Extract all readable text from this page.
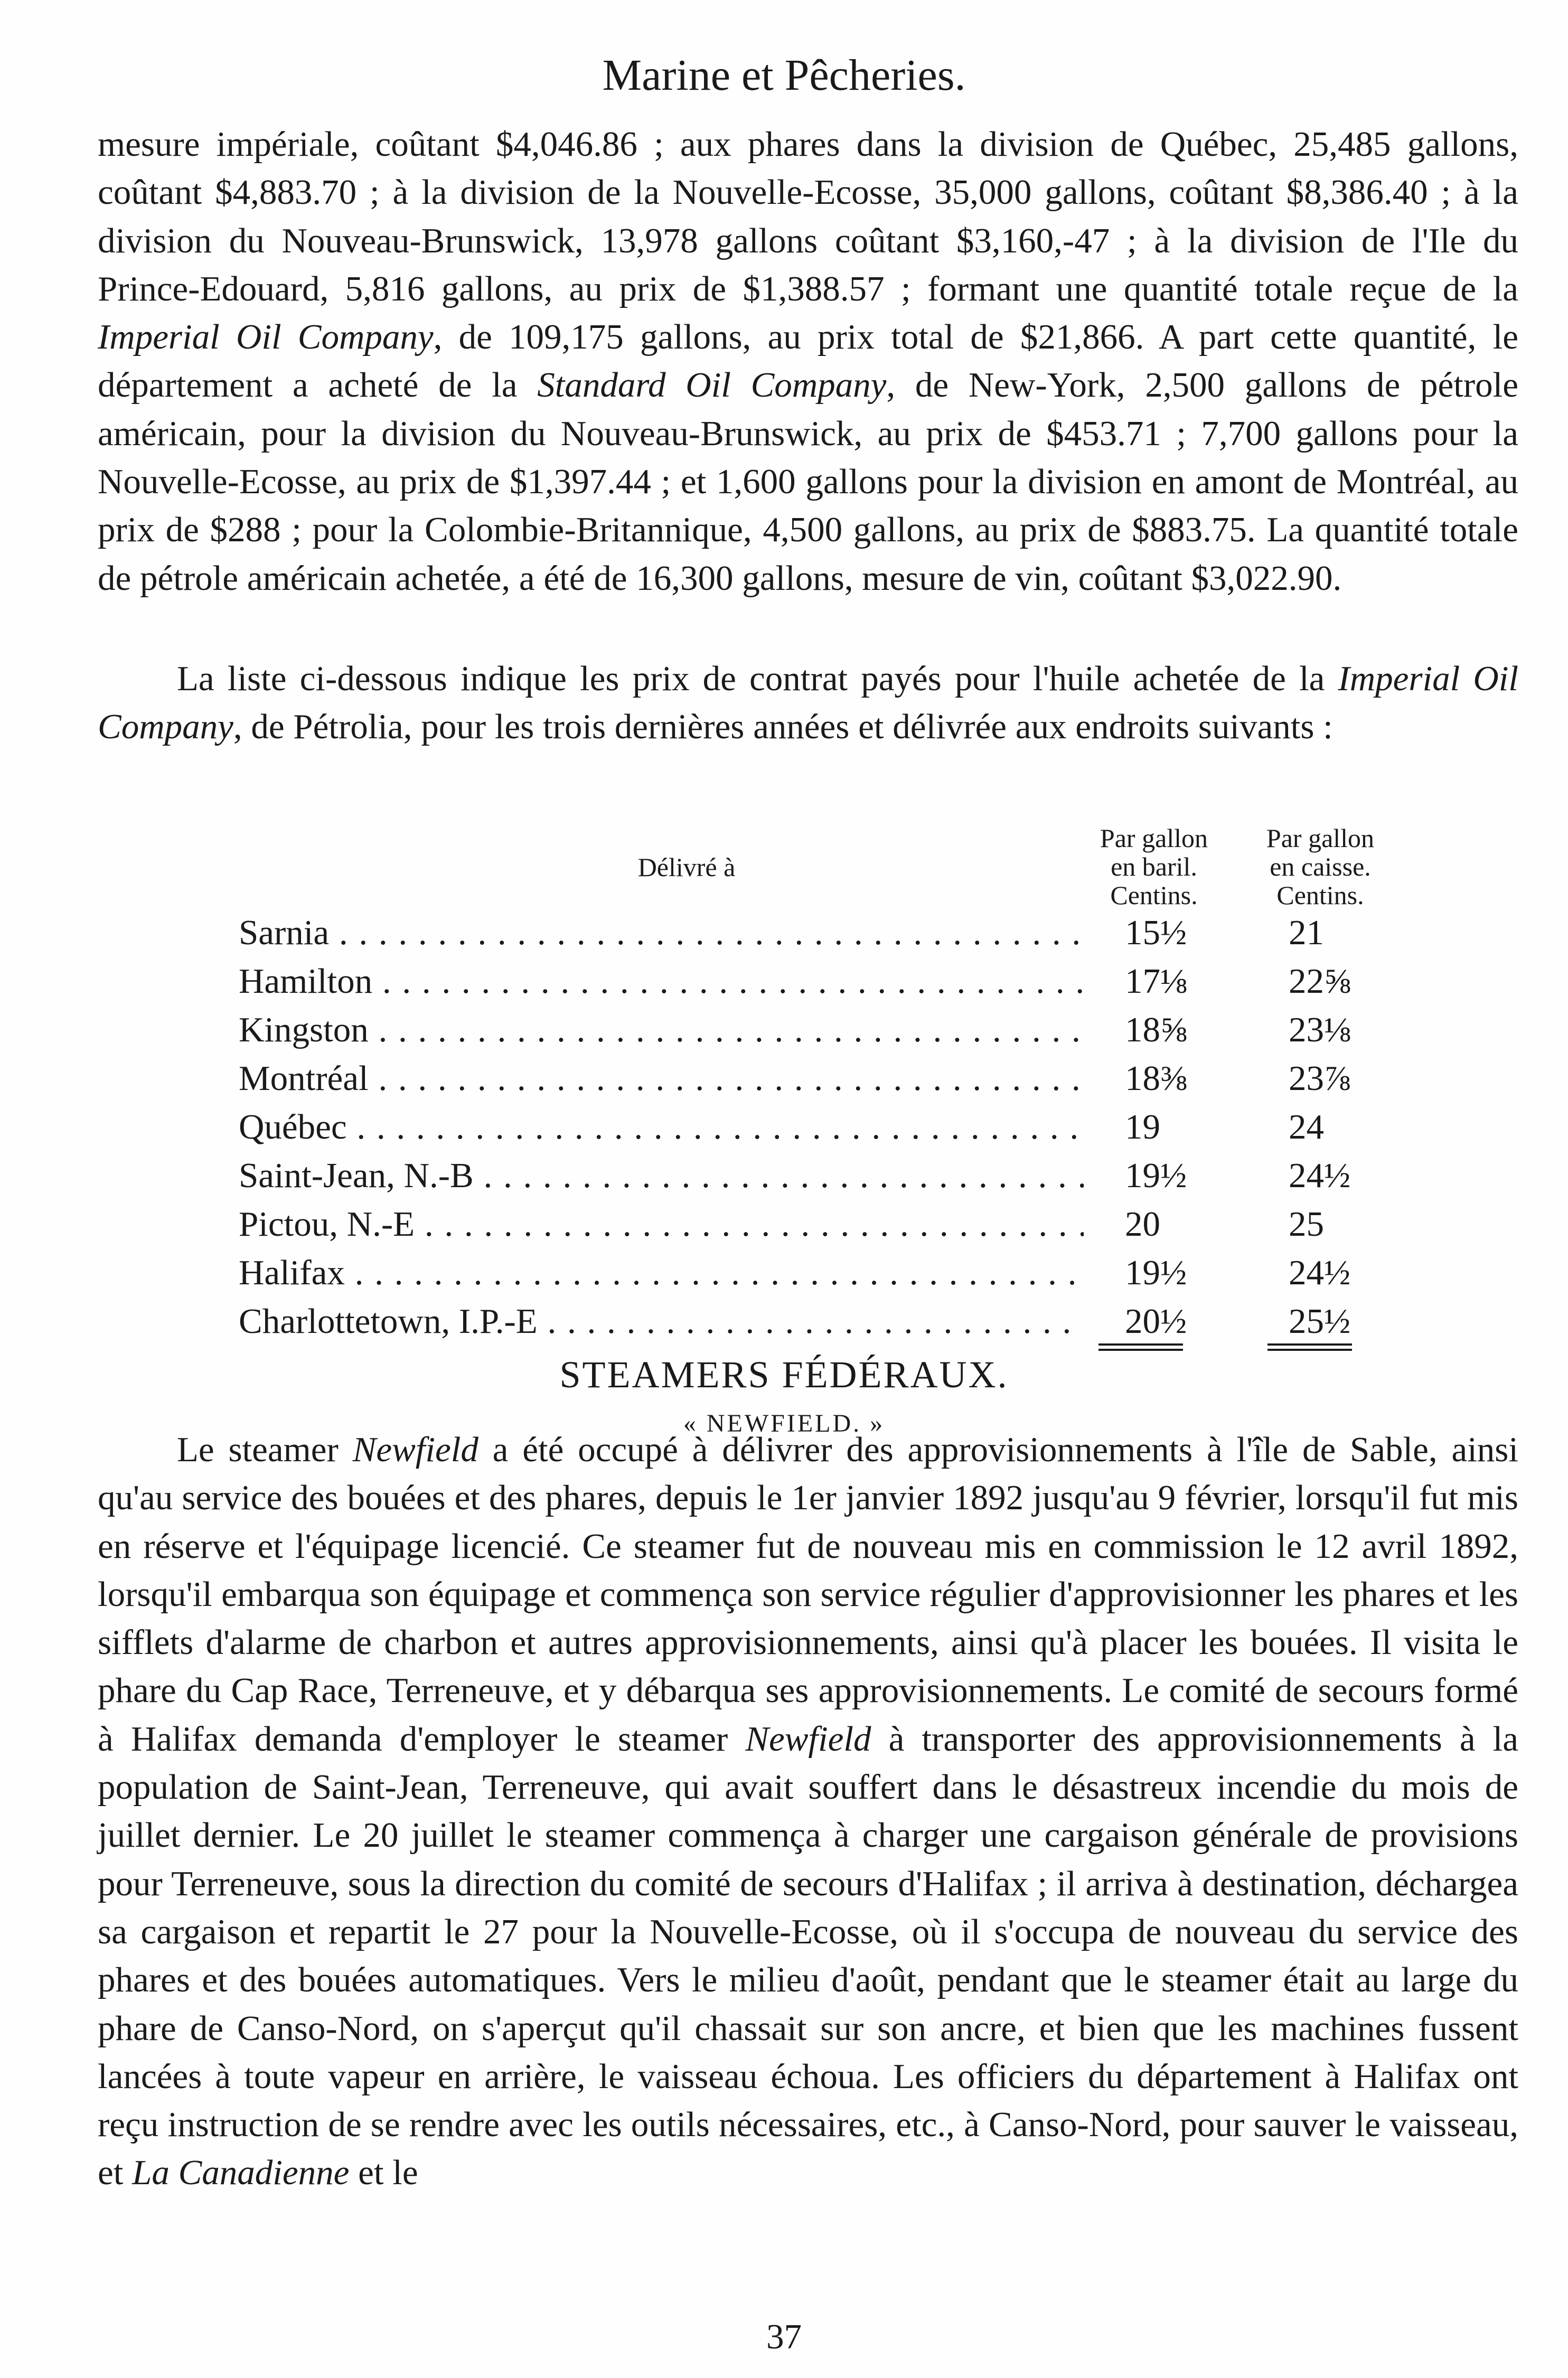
Marine et Pêcheries.

mesure impériale, coûtant $4,046.86 ; aux phares dans la division de Québec, 25,485 gallons, coûtant $4,883.70 ; à la division de la Nouvelle-Ecosse, 35,000 gallons, coûtant $8,386.40 ; à la division du Nouveau-Brunswick, 13,978 gallons coûtant $3,160,-47 ; à la division de l'Ile du Prince-Edouard, 5,816 gallons, au prix de $1,388.57 ; formant une quantité totale reçue de la Imperial Oil Company, de 109,175 gallons, au prix total de $21,866. A part cette quantité, le département a acheté de la Standard Oil Company, de New-York, 2,500 gallons de pétrole américain, pour la division du Nouveau-Brunswick, au prix de $453.71 ; 7,700 gallons pour la Nouvelle-Ecosse, au prix de $1,397.44 ; et 1,600 gallons pour la division en amont de Montréal, au prix de $288 ; pour la Colombie-Britannique, 4,500 gallons, au prix de $883.75. La quantité totale de pétrole américain achetée, a été de 16,300 gallons, mesure de vin, coûtant $3,022.90.

La liste ci-dessous indique les prix de contrat payés pour l'huile achetée de la Imperial Oil Company, de Pétrolia, pour les trois dernières années et délivrée aux endroits suivants :

Délivré à
Par gallon
en baril.
Centins.
Par gallon
en caisse.
Centins.
Sarnia . . .	15½	21
Hamilton . . .	17⅛	22⅝
Kingston . . .	18⅝	23⅛
Montréal . . .	18⅜	23⅞
Québec . . .	19	24
Saint-Jean, N.-B . . .	19½	24½
Pictou, N.-E . . .	20	25
Halifax . . .	19½	24½
Charlottetown, I.P.-E . . .	20½	25½
STEAMERS FÉDÉRAUX.
« NEWFIELD. »

Le steamer Newfield a été occupé à délivrer des approvisionnements à l'île de Sable, ainsi qu'au service des bouées et des phares, depuis le 1er janvier 1892 jusqu'au 9 février, lorsqu'il fut mis en réserve et l'équipage licencié. Ce steamer fut de nouveau mis en commission le 12 avril 1892, lorsqu'il embarqua son équipage et commença son service régulier d'approvisionner les phares et les sifflets d'alarme de charbon et autres approvisionnements, ainsi qu'à placer les bouées. Il visita le phare du Cap Race, Terreneuve, et y débarqua ses approvisionnements. Le comité de secours formé à Halifax demanda d'employer le steamer Newfield à transporter des approvisionnements à la population de Saint-Jean, Terreneuve, qui avait souffert dans le désastreux incendie du mois de juillet dernier. Le 20 juillet le steamer commença à charger une cargaison générale de provisions pour Terreneuve, sous la direction du comité de secours d'Halifax ; il arriva à destination, déchargea sa cargaison et repartit le 27 pour la Nouvelle-Ecosse, où il s'occupa de nouveau du service des phares et des bouées automatiques. Vers le milieu d'août, pendant que le steamer était au large du phare de Canso-Nord, on s'aperçut qu'il chassait sur son ancre, et bien que les machines fussent lancées à toute vapeur en arrière, le vaisseau échoua. Les officiers du département à Halifax ont reçu instruction de se rendre avec les outils nécessaires, etc., à Canso-Nord, pour sauver le vaisseau, et La Canadienne et le

37
